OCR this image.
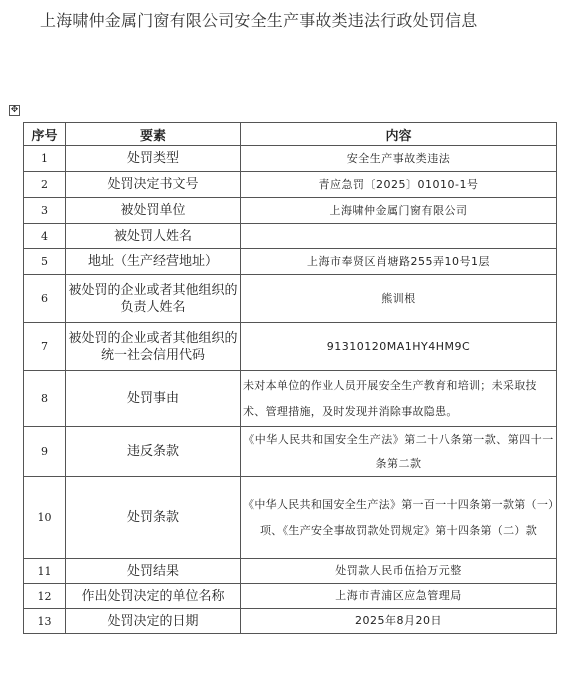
上海啸仲金属门窗有限公司安全生产事故类违法行政处罚信息
✥
序号	要素	内容
1	处罚类型	安全生产事故类违法
2	处罚决定书文号	青应急罚〔2025〕01010-1号
3	被处罚单位	上海啸仲金属门窗有限公司
4	被处罚人姓名	
5	地址（生产经营地址）	上海市奉贤区肖塘路255弄10号1层
6	被处罚的企业或者其他组织的负责人姓名	熊训根
7	被处罚的企业或者其他组织的统一社会信用代码	91310120MA1HY4HM9C
8	处罚事由	未对本单位的作业人员开展安全生产教育和培训；未采取技术、管理措施，及时发现并消除事故隐患。
9	违反条款	《中华人民共和国安全生产法》第二十八条第一款、第四十一条第二款
10	处罚条款	《中华人民共和国安全生产法》第一百一十四条第一款第（一）项、《生产安全事故罚款处罚规定》第十四条第（二）款
11	处罚结果	处罚款人民币伍拾万元整
12	作出处罚决定的单位名称	上海市青浦区应急管理局
13	处罚决定的日期	2025年8月20日
